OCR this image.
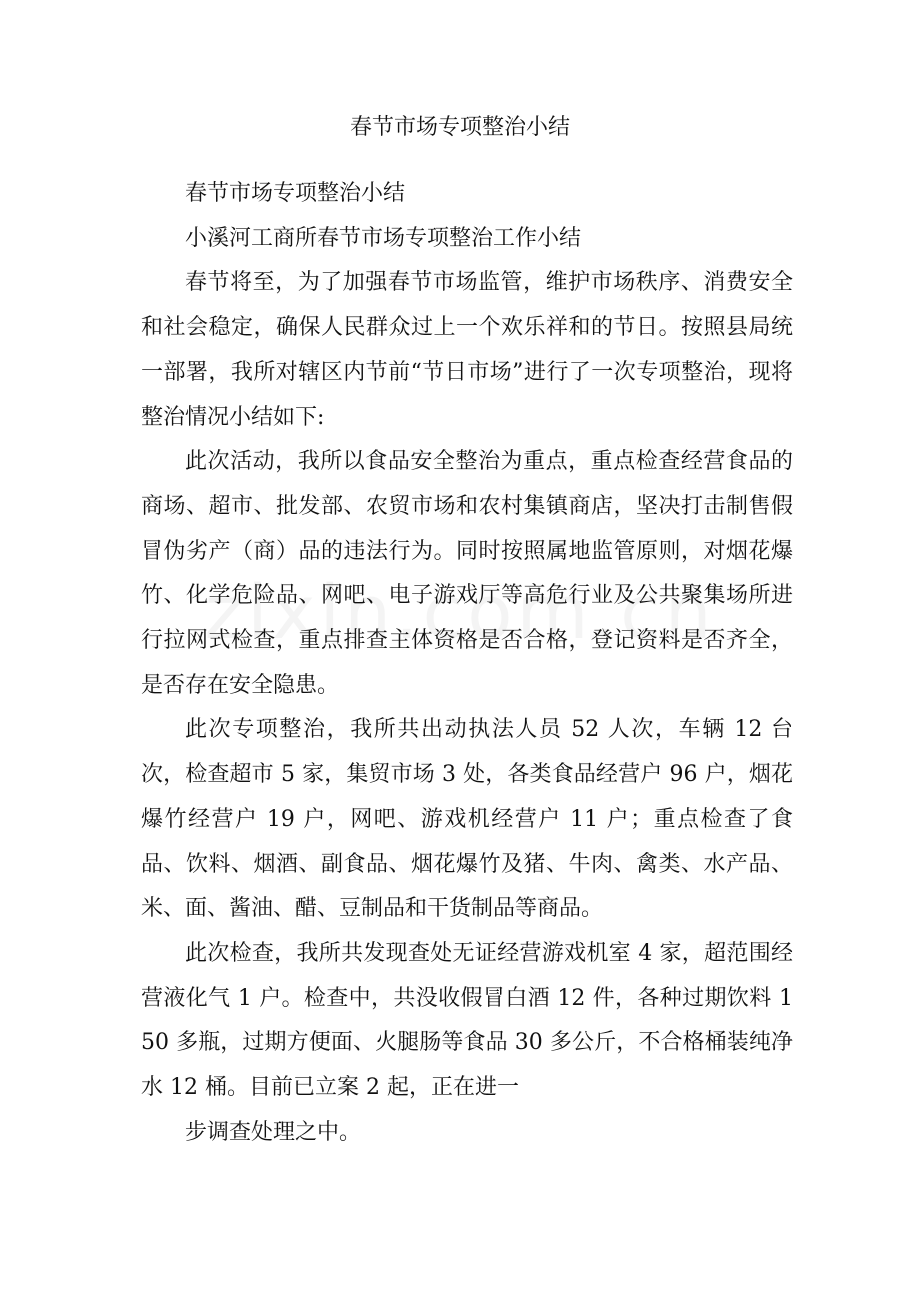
春节市场专项整治小结

春节市场专项整治小结

小溪河工商所春节市场专项整治工作小结

春节将至，为了加强春节市场监管，维护市场秩序、消费安全和社会稳定，确保人民群众过上一个欢乐祥和的节日。按照县局统一部署，我所对辖区内节前“节日市场”进行了一次专项整治，现将整治情况小结如下:

此次活动，我所以食品安全整治为重点，重点检查经营食品的商场、超市、批发部、农贸市场和农村集镇商店，坚决打击制售假冒伪劣产（商）品的违法行为。同时按照属地监管原则，对烟花爆竹、化学危险品、网吧、电子游戏厅等高危行业及公共聚集场所进行拉网式检查，重点排查主体资格是否合格，登记资料是否齐全，是否存在安全隐患。

此次专项整治，我所共出动执法人员 52 人次，车辆 12 台次，检查超市 5 家，集贸市场 3 处，各类食品经营户 96 户，烟花爆竹经营户 19 户，网吧、游戏机经营户 11 户；重点检查了食品、饮料、烟酒、副食品、烟花爆竹及猪、牛肉、禽类、水产品、米、面、酱油、醋、豆制品和干货制品等商品。

此次检查，我所共发现查处无证经营游戏机室 4 家，超范围经营液化气 1 户。检查中，共没收假冒白酒 12 件，各种过期饮料 150 多瓶，过期方便面、火腿肠等食品 30 多公斤，不合格桶装纯净水 12 桶。目前已立案 2 起，正在进一

步调查处理之中。
